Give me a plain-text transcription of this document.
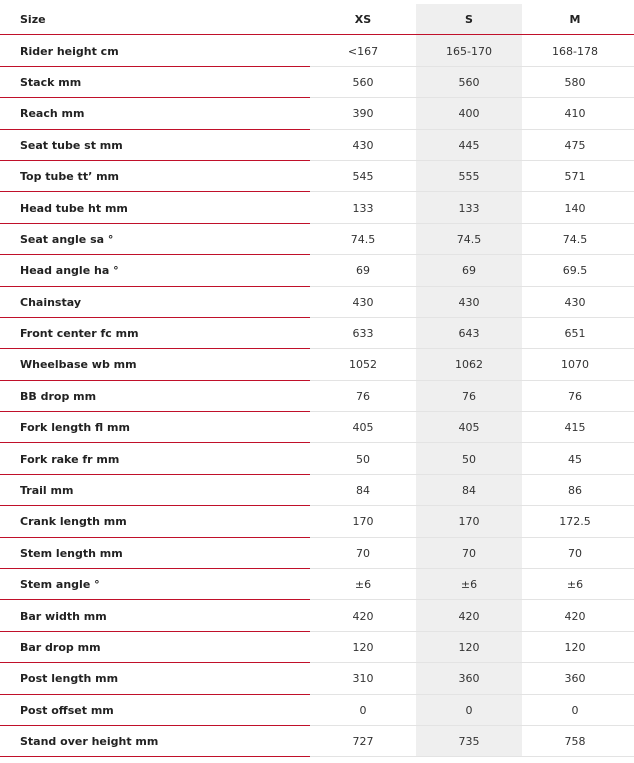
Size	XS	S	M
Rider height cm	<167	165-170	168-178
Stack mm	560	560	580
Reach mm	390	400	410
Seat tube st mm	430	445	475
Top tube tt’ mm	545	555	571
Head tube ht mm	133	133	140
Seat angle sa °	74.5	74.5	74.5
Head angle ha °	69	69	69.5
Chainstay	430	430	430
Front center fc mm	633	643	651
Wheelbase wb mm	1052	1062	1070
BB drop mm	76	76	76
Fork length fl mm	405	405	415
Fork rake fr mm	50	50	45
Trail mm	84	84	86
Crank length mm	170	170	172.5
Stem length mm	70	70	70
Stem angle °	±6	±6	±6
Bar width mm	420	420	420
Bar drop mm	120	120	120
Post length mm	310	360	360
Post offset mm	0	0	0
Stand over height mm	727	735	758
